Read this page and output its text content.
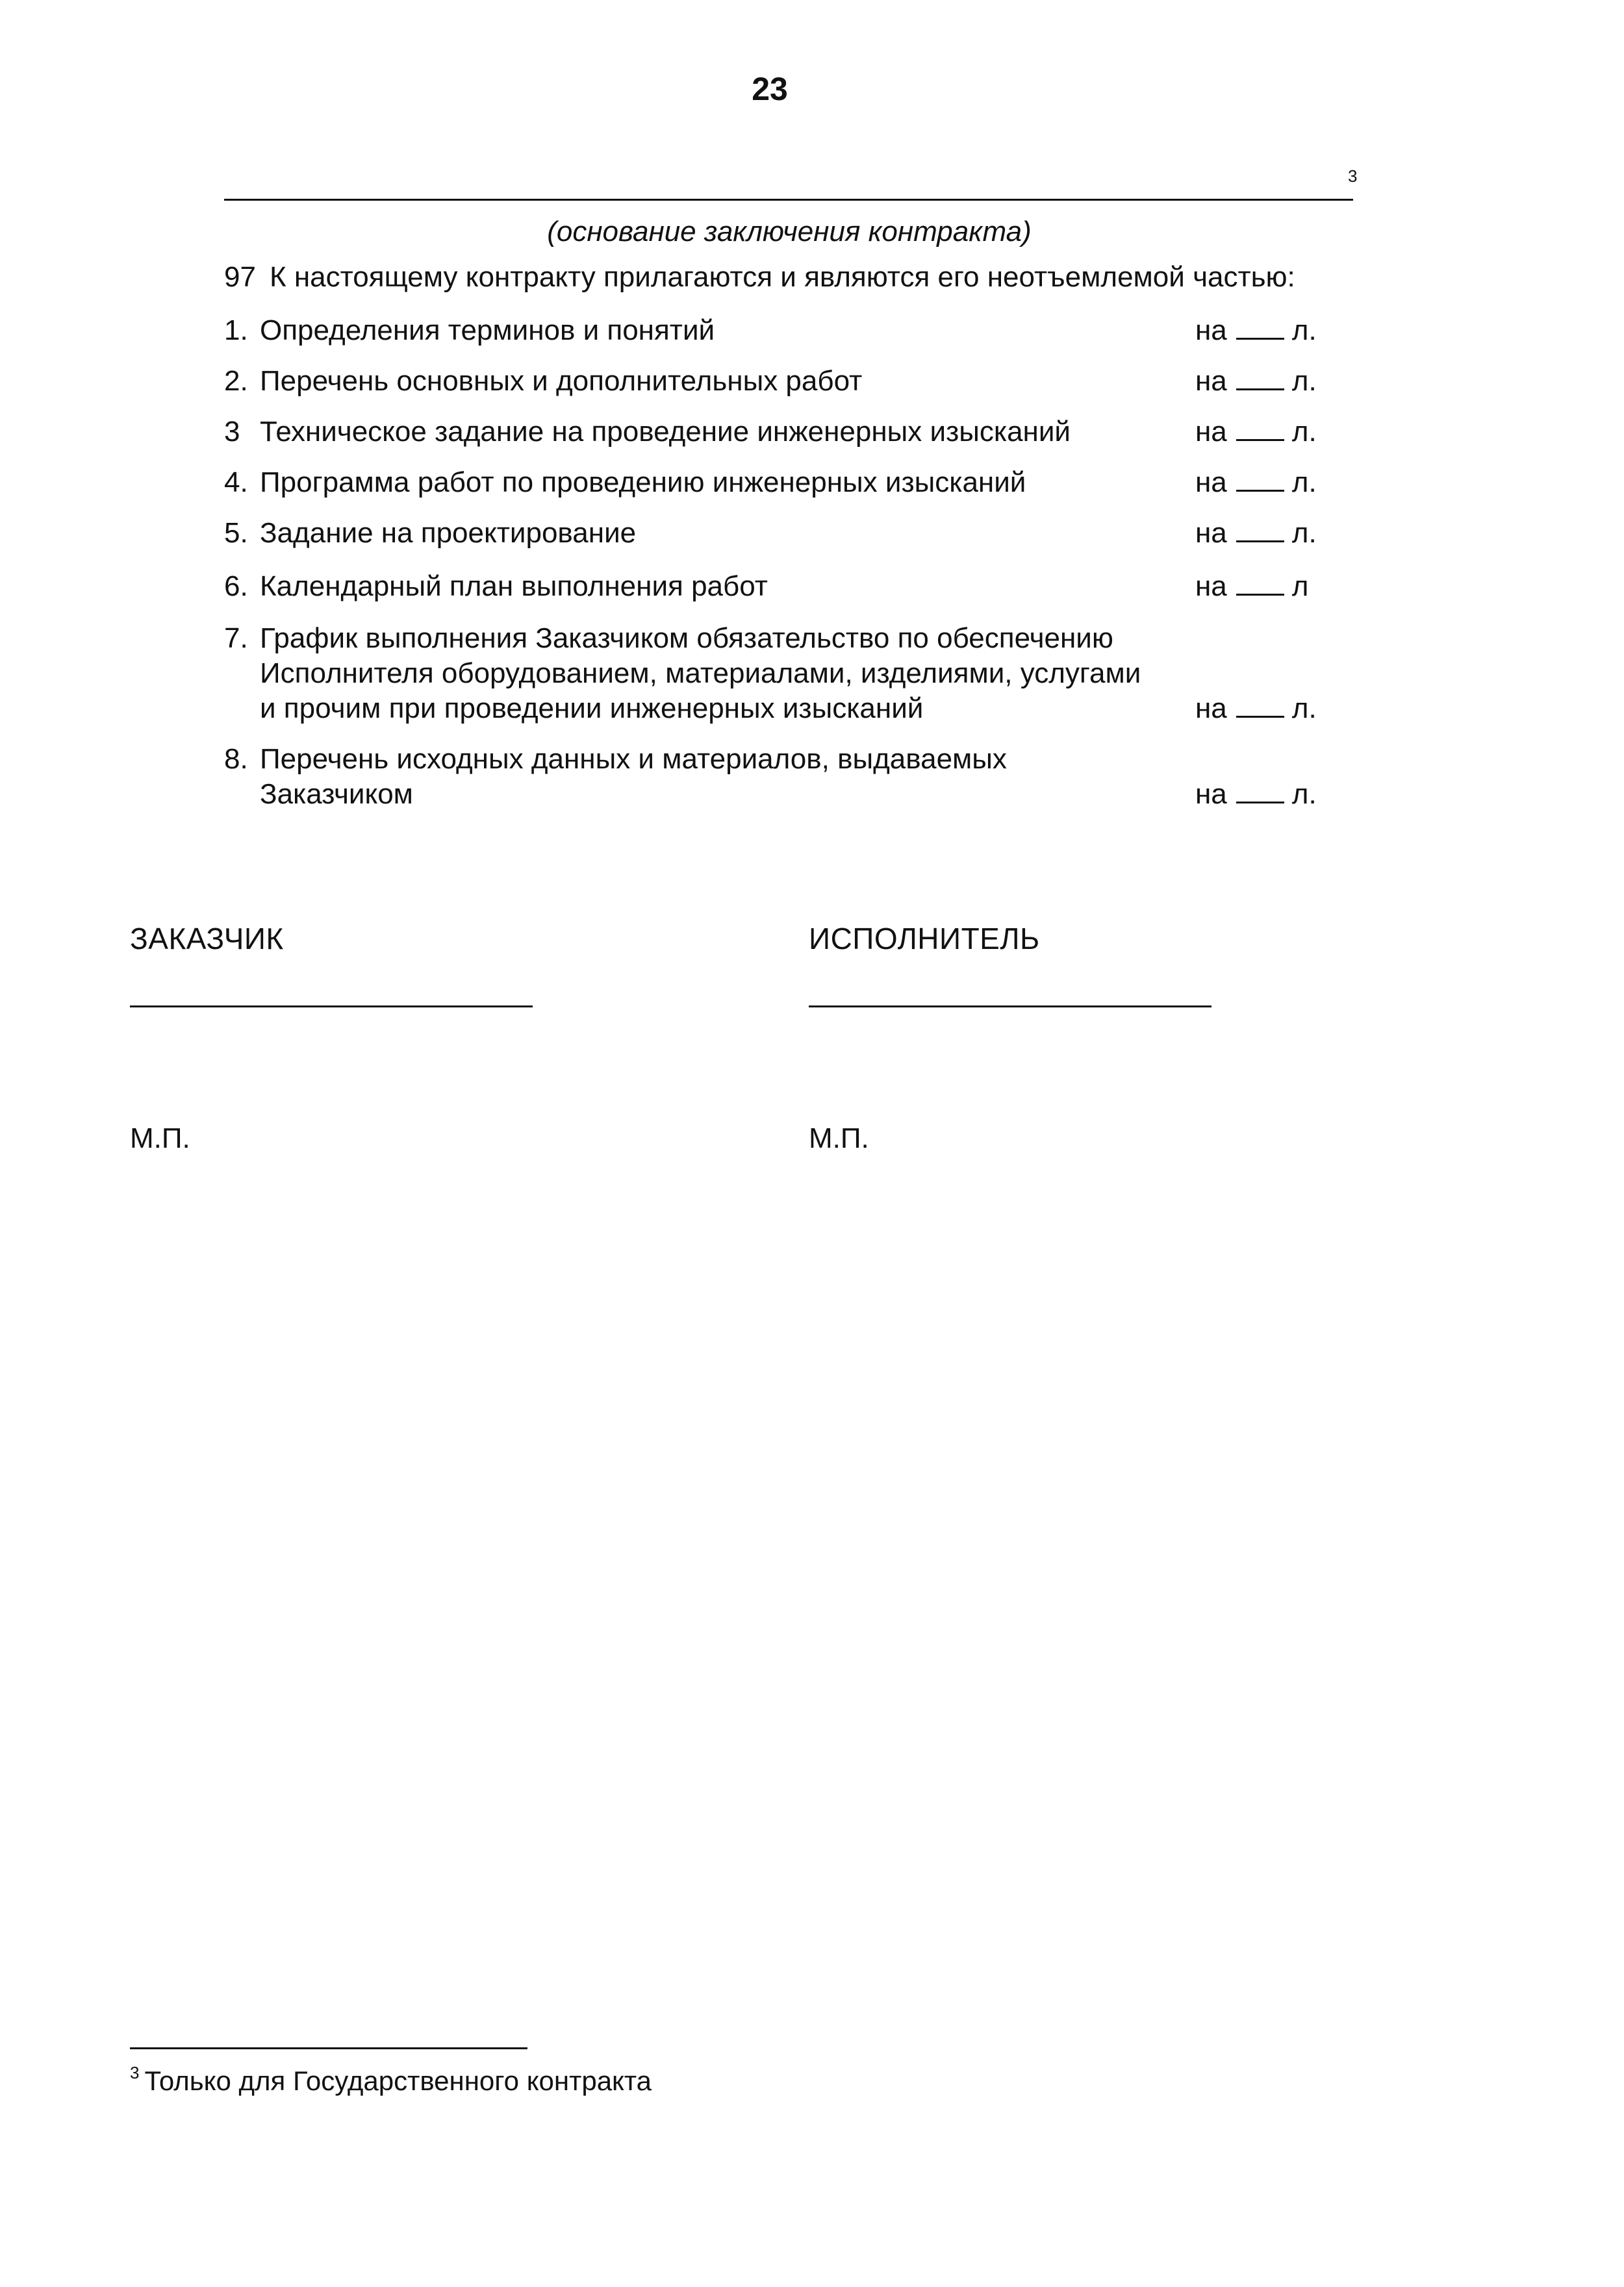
23
3
(основание заключения контракта)
97 К настоящему контракту прилагаются и являются его неотъемлемой частью:
1. Определения терминов и понятий	на л.
2. Перечень основных и дополнительных работ	на л.
3 Техническое задание на проведение инженерных изысканий	на л.
4. Программа работ по проведению инженерных изысканий	на л.
5. Задание на проектирование	на л.
6. Календарный план выполнения работ	на л
7. График выполнения Заказчиком обязательство по обеспечению
Исполнителя оборудованием, материалами, изделиями, услугами
и прочим при проведении инженерных изысканий	на л.
8. Перечень исходных данных и материалов, выдаваемых
Заказчиком	на л.
ЗАКАЗЧИК	ИСПОЛНИТЕЛЬ
М.П.	М.П.
$^3$ Только для Государственного контракта
